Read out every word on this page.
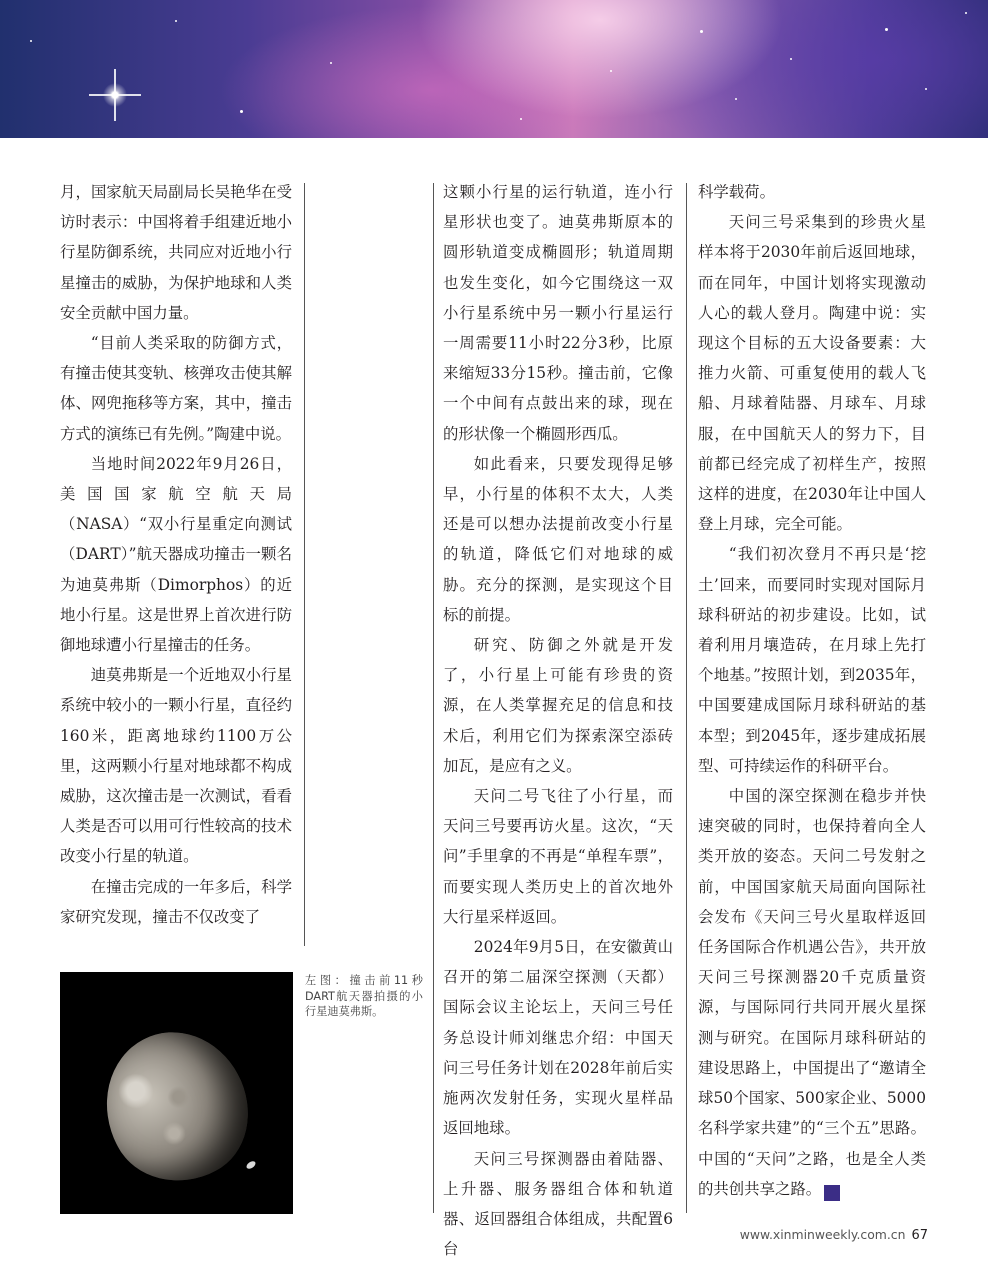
月，国家航天局副局长吴艳华在受访时表示：中国将着手组建近地小行星防御系统，共同应对近地小行星撞击的威胁，为保护地球和人类安全贡献中国力量。

“目前人类采取的防御方式，有撞击使其变轨、核弹攻击使其解体、网兜拖移等方案，其中，撞击方式的演练已有先例。”陶建中说。

当地时间2022年9月26日，美国国家航空航天局（NASA）“双小行星重定向测试（DART）”航天器成功撞击一颗名为迪莫弗斯（Dimorphos）的近地小行星。这是世界上首次进行防御地球遭小行星撞击的任务。

迪莫弗斯是一个近地双小行星系统中较小的一颗小行星，直径约160米，距离地球约1100万公里，这两颗小行星对地球都不构成威胁，这次撞击是一次测试，看看人类是否可以用可行性较高的技术改变小行星的轨道。

在撞击完成的一年多后，科学家研究发现，撞击不仅改变了

这颗小行星的运行轨道，连小行星形状也变了。迪莫弗斯原本的圆形轨道变成椭圆形；轨道周期也发生变化，如今它围绕这一双小行星系统中另一颗小行星运行一周需要11小时22分3秒，比原来缩短33分15秒。撞击前，它像一个中间有点鼓出来的球，现在的形状像一个椭圆形西瓜。

如此看来，只要发现得足够早，小行星的体积不太大，人类还是可以想办法提前改变小行星的轨道，降低它们对地球的威胁。充分的探测，是实现这个目标的前提。

研究、防御之外就是开发了，小行星上可能有珍贵的资源，在人类掌握充足的信息和技术后，利用它们为探索深空添砖加瓦，是应有之义。

天问二号飞往了小行星，而天问三号要再访火星。这次，“天问”手里拿的不再是“单程车票”，而要实现人类历史上的首次地外大行星采样返回。

2024年9月5日，在安徽黄山召开的第二届深空探测（天都）国际会议主论坛上，天问三号任务总设计师刘继忠介绍：中国天问三号任务计划在2028年前后实施两次发射任务，实现火星样品返回地球。

天问三号探测器由着陆器、上升器、服务器组合体和轨道器、返回器组合体组成，共配置6台

科学载荷。

天问三号采集到的珍贵火星样本将于2030年前后返回地球，而在同年，中国计划将实现激动人心的载人登月。陶建中说：实现这个目标的五大设备要素：大推力火箭、可重复使用的载人飞船、月球着陆器、月球车、月球服，在中国航天人的努力下，目前都已经完成了初样生产，按照这样的进度，在2030年让中国人登上月球，完全可能。

“我们初次登月不再只是‘挖土’回来，而要同时实现对国际月球科研站的初步建设。比如，试着利用月壤造砖，在月球上先打个地基。”按照计划，到2035年，中国要建成国际月球科研站的基本型；到2045年，逐步建成拓展型、可持续运作的科研平台。

中国的深空探测在稳步并快速突破的同时，也保持着向全人类开放的姿态。天问二号发射之前，中国国家航天局面向国际社会发布《天问三号火星取样返回任务国际合作机遇公告》，共开放天问三号探测器20千克质量资源，与国际同行共同开展火星探测与研究。在国际月球科研站的建设思路上，中国提出了“邀请全球50个国家、500家企业、5000名科学家共建”的“三个五”思路。中国的“天问”之路，也是全人类的共创共享之路。	民

左图：撞击前11秒DART航天器拍摄的小行星迪莫弗斯。
www.xinminweekly.com.cn 67
